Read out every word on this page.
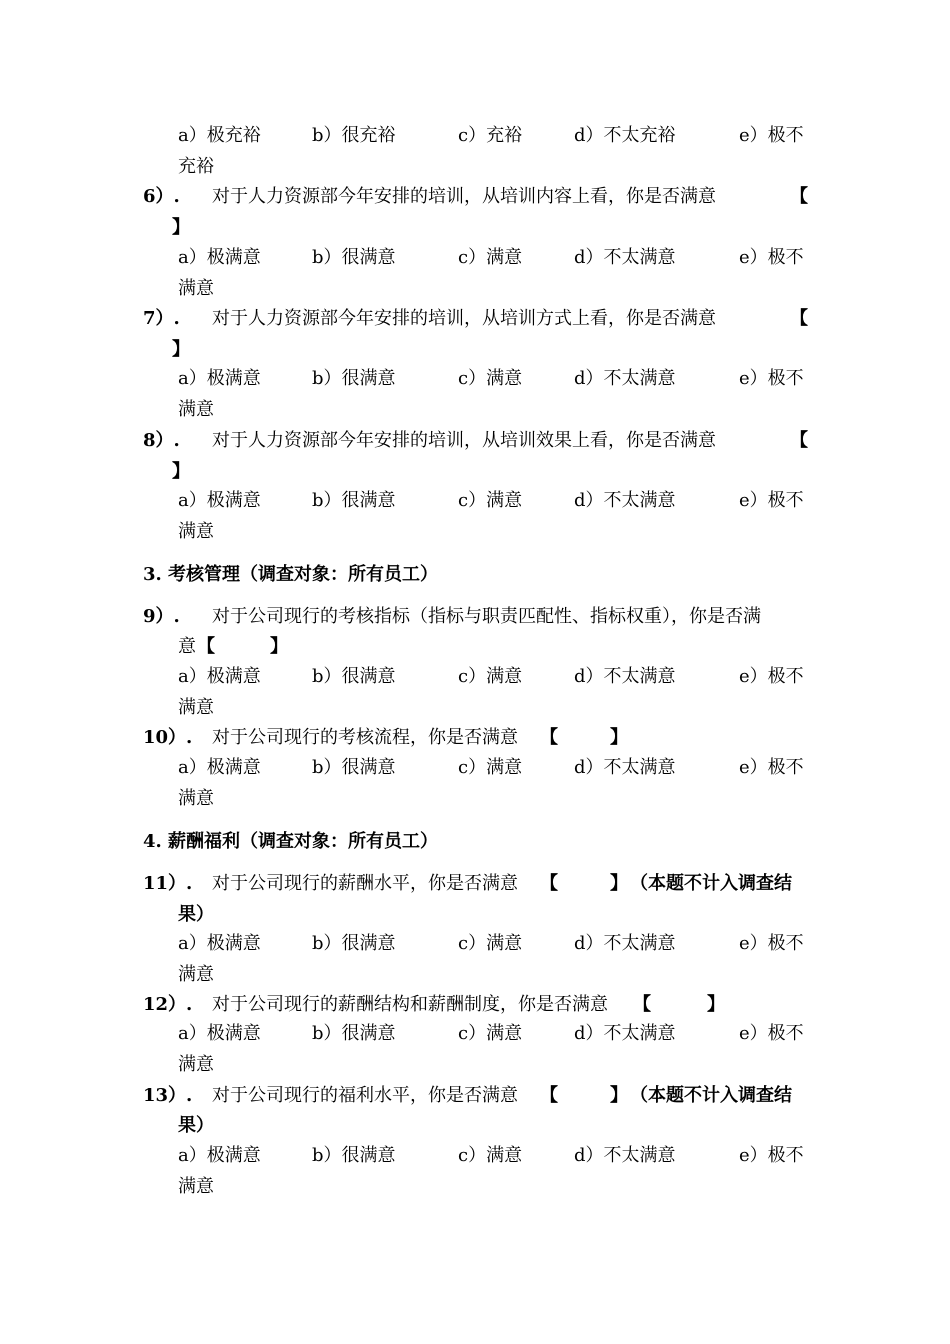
a）极充裕	b）很充裕	c）充裕	d）不太充裕	e）极不
充裕
6）. 对于人力资源部今年安排的培训，从培训内容上看，你是否满意	【
】
a）极满意	b）很满意	c）满意	d）不太满意	e）极不
满意
7）. 对于人力资源部今年安排的培训，从培训方式上看，你是否满意	【
】
a）极满意	b）很满意	c）满意	d）不太满意	e）极不
满意
8）. 对于人力资源部今年安排的培训，从培训效果上看，你是否满意	【
】
a）极满意	b）很满意	c）满意	d）不太满意	e）极不
满意
3. 考核管理（调查对象：所有员工）
9）. 对于公司现行的考核指标（指标与职责匹配性、指标权重），你是否满
意 【	】
a）极满意	b）很满意	c）满意	d）不太满意	e）极不
满意
10）. 对于公司现行的考核流程，你是否满意 【	】
a）极满意	b）很满意	c）满意	d）不太满意	e）极不
满意
4. 薪酬福利（调查对象：所有员工）
11）. 对于公司现行的薪酬水平，你是否满意 【	】 （本题不计入调查结
果）
a）极满意	b）很满意	c）满意	d）不太满意	e）极不
满意
12）. 对于公司现行的薪酬结构和薪酬制度，你是否满意 【	】
a）极满意	b）很满意	c）满意	d）不太满意	e）极不
满意
13）. 对于公司现行的福利水平，你是否满意 【	】 （本题不计入调查结
果）
a）极满意	b）很满意	c）满意	d）不太满意	e）极不
满意
